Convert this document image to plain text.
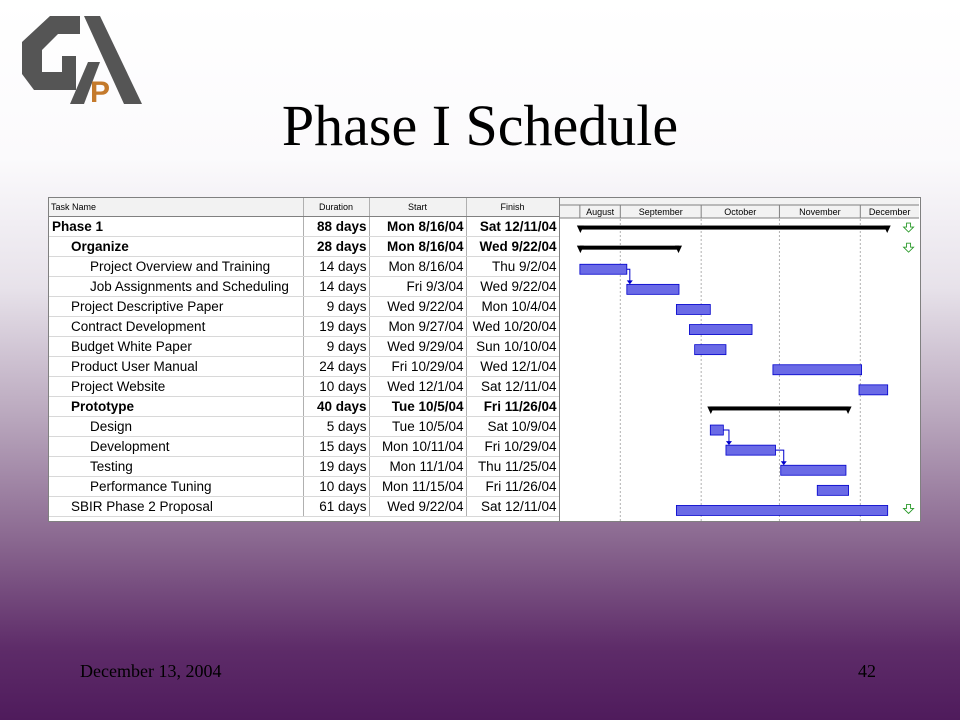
P
Phase I Schedule
Task Name	Duration	Start	Finish
Phase 1	88 days	Mon 8/16/04	Sat 12/11/04
Organize	28 days	Mon 8/16/04	Wed 9/22/04
Project Overview and Training	14 days	Mon 8/16/04	Thu 9/2/04
Job Assignments and Scheduling	14 days	Fri 9/3/04	Wed 9/22/04
Project Descriptive Paper	9 days	Wed 9/22/04	Mon 10/4/04
Contract Development	19 days	Mon 9/27/04	Wed 10/20/04
Budget White Paper	9 days	Wed 9/29/04	Sun 10/10/04
Product User Manual	24 days	Fri 10/29/04	Wed 12/1/04
Project Website	10 days	Wed 12/1/04	Sat 12/11/04
Prototype	40 days	Tue 10/5/04	Fri 11/26/04
Design	5 days	Tue 10/5/04	Sat 10/9/04
Development	15 days	Mon 10/11/04	Fri 10/29/04
Testing	19 days	Mon 11/1/04	Thu 11/25/04
Performance Tuning	10 days	Mon 11/15/04	Fri 11/26/04
SBIR Phase 2 Proposal	61 days	Wed 9/22/04	Sat 12/11/04
August	September	October	November	December
December 13, 2004	42
